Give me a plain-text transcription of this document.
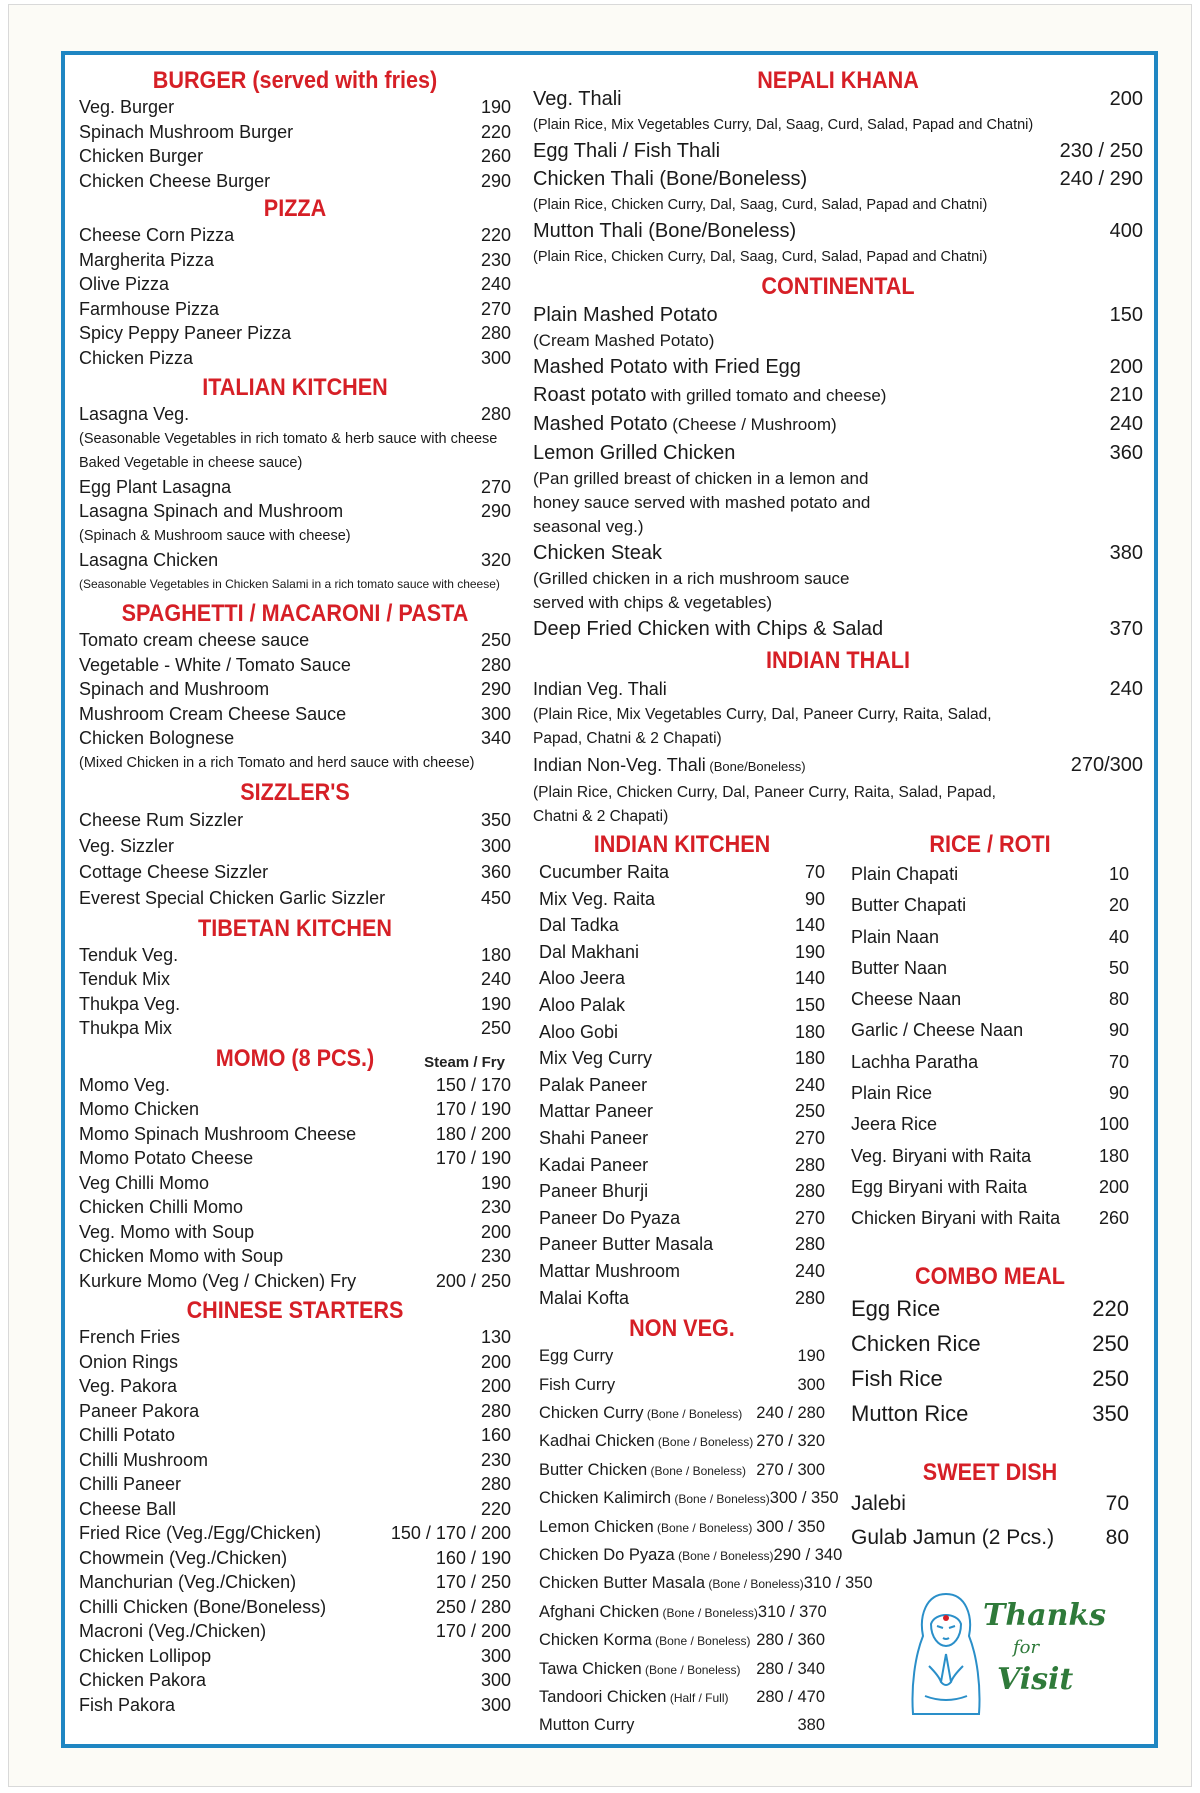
BURGER (served with fries)
Veg. Burger	190
Spinach Mushroom Burger	220
Chicken Burger	260
Chicken Cheese Burger	290
PIZZA
Cheese Corn Pizza	220
Margherita Pizza	230
Olive Pizza	240
Farmhouse Pizza	270
Spicy Peppy Paneer Pizza	280
Chicken Pizza	300
ITALIAN KITCHEN
Lasagna Veg.	280
(Seasonable Vegetables in rich tomato & herb sauce with cheese
Baked Vegetable in cheese sauce)
Egg Plant Lasagna	270
Lasagna Spinach and Mushroom	290
(Spinach & Mushroom sauce with cheese)
Lasagna Chicken	320
(Seasonable Vegetables in Chicken Salami in a rich tomato sauce with cheese)
SPAGHETTI / MACARONI / PASTA
Tomato cream cheese sauce	250
Vegetable - White / Tomato Sauce	280
Spinach and Mushroom	290
Mushroom Cream Cheese Sauce	300
Chicken Bolognese	340
(Mixed Chicken in a rich Tomato and herd sauce with cheese)
SIZZLER'S
Cheese Rum Sizzler	350
Veg. Sizzler	300
Cottage Cheese Sizzler	360
Everest Special Chicken Garlic Sizzler	450
TIBETAN KITCHEN
Tenduk Veg.	180
Tenduk Mix	240
Thukpa Veg.	190
Thukpa Mix	250
MOMO (8 PCS.)	Steam / Fry
Momo Veg.	150 / 170
Momo Chicken	170 / 190
Momo Spinach Mushroom Cheese	180 / 200
Momo Potato Cheese	170 / 190
Veg Chilli Momo	190
Chicken Chilli Momo	230
Veg. Momo with Soup	200
Chicken Momo with Soup	230
Kurkure Momo (Veg / Chicken) Fry	200 / 250
CHINESE STARTERS
French Fries	130
Onion Rings	200
Veg. Pakora	200
Paneer Pakora	280
Chilli Potato	160
Chilli Mushroom	230
Chilli Paneer	280
Cheese Ball	220
Fried Rice (Veg./Egg/Chicken)	150 / 170 / 200
Chowmein (Veg./Chicken)	160 / 190
Manchurian (Veg./Chicken)	170 / 250
Chilli Chicken (Bone/Boneless)	250 / 280
Macroni (Veg./Chicken)	170 / 200
Chicken Lollipop	300
Chicken Pakora	300
Fish Pakora	300
NEPALI KHANA
Veg. Thali	200
(Plain Rice, Mix Vegetables Curry, Dal, Saag, Curd, Salad, Papad and Chatni)
Egg Thali / Fish Thali	230 / 250
Chicken Thali (Bone/Boneless)	240 / 290
(Plain Rice, Chicken Curry, Dal, Saag, Curd, Salad, Papad and Chatni)
Mutton Thali (Bone/Boneless)	400
(Plain Rice, Chicken Curry, Dal, Saag, Curd, Salad, Papad and Chatni)
CONTINENTAL
Plain Mashed Potato	150
(Cream Mashed Potato)
Mashed Potato with Fried Egg	200
Roast potato with grilled tomato and cheese)	210
Mashed Potato (Cheese / Mushroom)	240
Lemon Grilled Chicken	360
(Pan grilled breast of chicken in a lemon and
honey sauce served with mashed potato and
seasonal veg.)
Chicken Steak	380
(Grilled chicken in a rich mushroom sauce
served with chips & vegetables)
Deep Fried Chicken with Chips & Salad	370
INDIAN THALI
Indian Veg. Thali	240
(Plain Rice, Mix Vegetables Curry, Dal, Paneer Curry, Raita, Salad,
Papad, Chatni & 2 Chapati)
Indian Non-Veg. Thali (Bone/Boneless)	270/300
(Plain Rice, Chicken Curry, Dal, Paneer Curry, Raita, Salad, Papad,
Chatni & 2 Chapati)
INDIAN KITCHEN
Cucumber Raita	70
Mix Veg. Raita	90
Dal Tadka	140
Dal Makhani	190
Aloo Jeera	140
Aloo Palak	150
Aloo Gobi	180
Mix Veg Curry	180
Palak Paneer	240
Mattar Paneer	250
Shahi Paneer	270
Kadai Paneer	280
Paneer Bhurji	280
Paneer Do Pyaza	270
Paneer Butter Masala	280
Mattar Mushroom	240
Malai Kofta	280
NON VEG.
Egg Curry	190
Fish Curry	300
Chicken Curry (Bone / Boneless) 240 / 280
Kadhai Chicken (Bone / Boneless) 270 / 320
Butter Chicken (Bone / Boneless) 270 / 300
Chicken Kalimirch (Bone / Boneless) 300 / 350
Lemon Chicken (Bone / Boneless) 300 / 350
Chicken Do Pyaza (Bone / Boneless) 290 / 340
Chicken Butter Masala (Bone / Boneless) 310 / 350
Afghani Chicken (Bone / Boneless) 310 / 370
Chicken Korma (Bone / Boneless) 280 / 360
Tawa Chicken (Bone / Boneless) 280 / 340
Tandoori Chicken (Half / Full) 280 / 470
Mutton Curry	380
RICE / ROTI
Plain Chapati	10
Butter Chapati	20
Plain Naan	40
Butter Naan	50
Cheese Naan	80
Garlic / Cheese Naan	90
Lachha Paratha	70
Plain Rice	90
Jeera Rice	100
Veg. Biryani with Raita	180
Egg Biryani with Raita	200
Chicken Biryani with Raita 260
COMBO MEAL
Egg Rice	220
Chicken Rice	250
Fish Rice	250
Mutton Rice	350
SWEET DISH
Jalebi	70
Gulab Jamun (2 Pcs.) 80
Thanks
for
Visit
